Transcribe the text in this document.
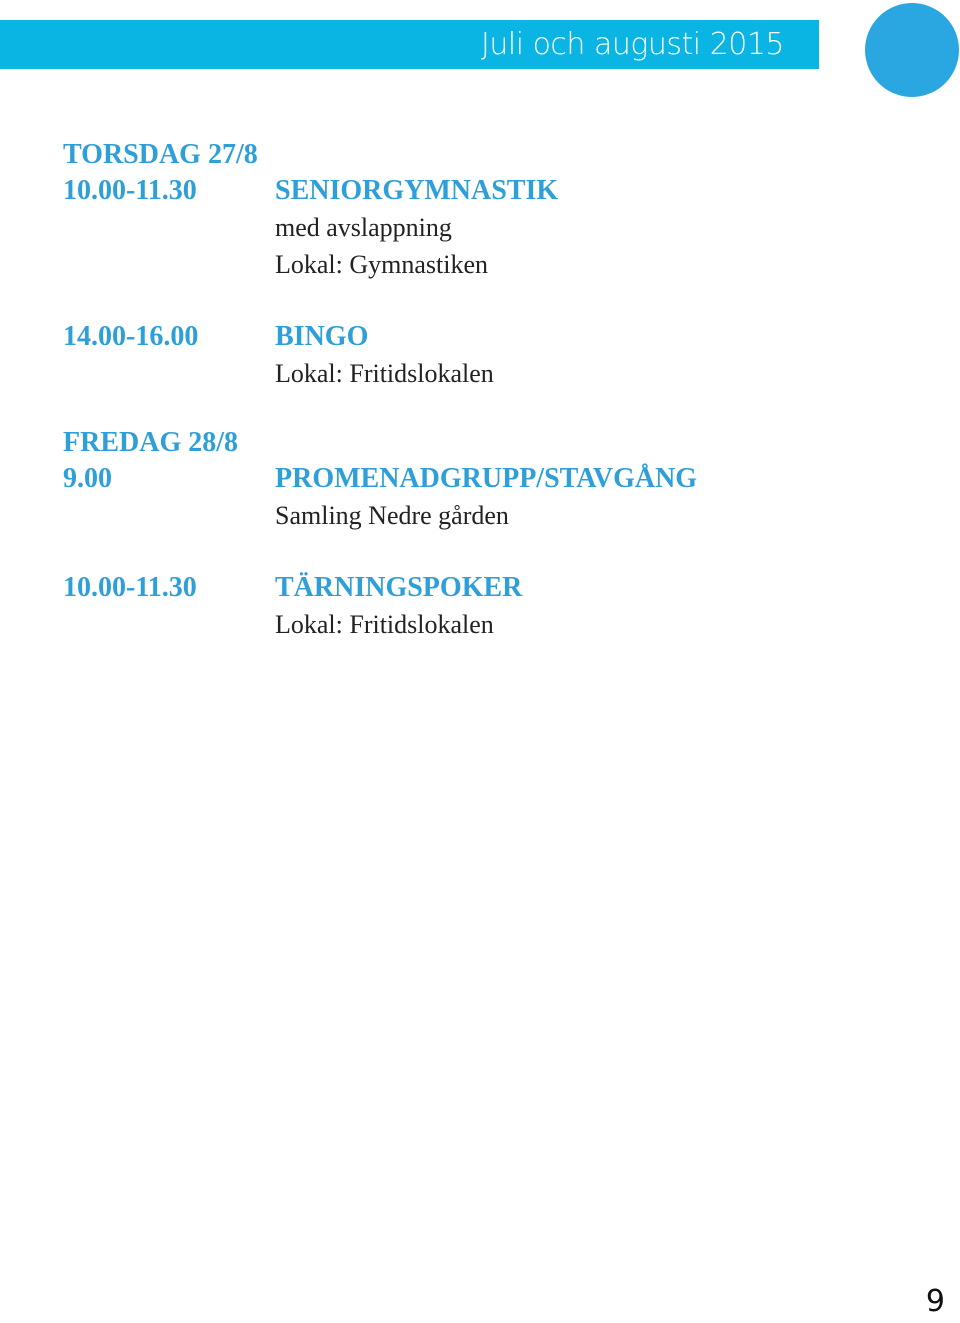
Juli och augusti 2015
TORSDAG 27/8
10.00-11.30	SENIORGYMNASTIK
med avslappning
Lokal: Gymnastiken
14.00-16.00	BINGO
Lokal: Fritidslokalen
FREDAG 28/8
9.00	PROMENADGRUPP/STAVGÅNG
Samling Nedre gården
10.00-11.30	TÄRNINGSPOKER
Lokal: Fritidslokalen
9
